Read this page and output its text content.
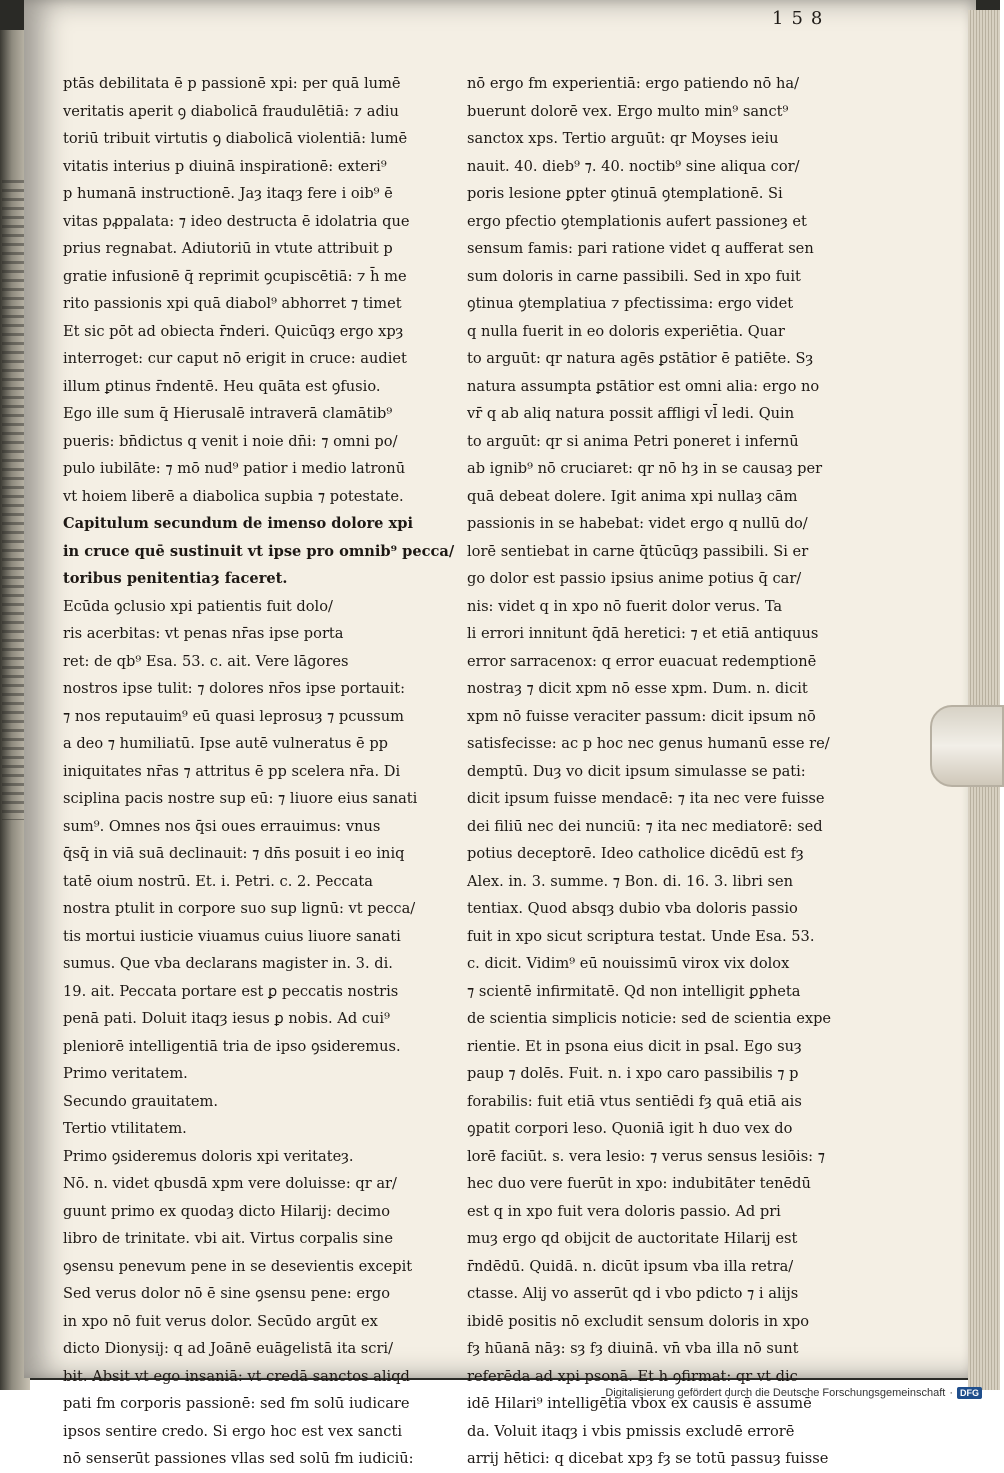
158
ptās debilitata ē p passionē xpi: per quā lumē
veritatis aperit ꝯ diabolicā fraudulētiā: ⁊ adiu
toriū tribuit virtutis ꝯ diabolicā violentiā: lumē
vitatis interius p diuinā inspirationē: exteri⁹
p humanā instructionē. Jaȝ itaqȝ fere i oib⁹ ē
vitas pꝓpalata: ⁊ ideo destructa ē idolatria que
prius regnabat. Adiutoriū in vtute attribuit p
gratie infusionē q̄ reprimit ꝯcupiscētiā: ⁊ h̄ me
rito passionis xpi quā diabol⁹ abhorret ⁊ timet
Et sic pōt ad obiecta r̄nderi. Quicūqȝ ergo xpȝ
interroget: cur caput nō erigit in cruce: audiet
illum ꝑtinus r̄ndentē. Heu quāta est ꝯfusio.
Ego ille sum q̄ Hierusalē intraverā clamātib⁹
pueris: bn̄dictus q venit i noie dn̄i: ⁊ omni po/
pulo iubilāte: ⁊ mō nud⁹ patior i medio latronū
vt hoiem liberē a diabolica supbia ⁊ potestate.
Capitulum secundum de imenso dolore xpi
in cruce quē sustinuit vt ipse pro omnib⁹ pecca/
toribus penitentiaȝ faceret.
Ecūda ꝯclusio xpi patientis fuit dolo/
ris acerbitas: vt penas nr̄as ipse porta
ret: de qb⁹ Esa. 53. c. ait. Vere lāgores
nostros ipse tulit: ⁊ dolores nr̄os ipse portauit:
⁊ nos reputauim⁹ eū quasi leprosuȝ ⁊ pcussum
a deo ⁊ humiliatū. Ipse autē vulneratus ē pp
iniquitates nr̄as ⁊ attritus ē pp scelera nr̄a. Di
sciplina pacis nostre sup eū: ⁊ liuore eius sanati
sum⁹. Omnes nos q̄si oues errauimus: vnus
q̄sq̄ in viā suā declinauit: ⁊ dn̄s posuit i eo iniq
tatē oium nostrū. Et. i. Petri. c. 2. Peccata
nostra ptulit in corpore suo sup lignū: vt pecca/
tis mortui iusticie viuamus cuius liuore sanati
sumus. Que vba declarans magister in. 3. di.
19. ait. Peccata portare est ꝑ peccatis nostris
penā pati. Doluit itaqȝ iesus ꝑ nobis. Ad cui⁹
pleniorē intelligentiā tria de ipso ꝯsideremus.
Primo veritatem.
Secundo grauitatem.
Tertio vtilitatem.
Primo ꝯsideremus doloris xpi veritateȝ.
Nō. n. videt qbusdā xpm vere doluisse: qr ar/
guunt primo ex quodaȝ dicto Hilarij: decimo
libro de trinitate. vbi ait. Virtus corpalis sine
ꝯsensu penevum pene in se desevientis excepit
Sed verus dolor nō ē sine ꝯsensu pene: ergo
in xpo nō fuit verus dolor. Secūdo argūt ex
dicto Dionysij: q ad Joānē euāgelistā ita scri/
bit. Absit vt ego insaniā: vt credā sanctos aliqd
pati fm corporis passionē: sed fm solū iudicare
ipsos sentire credo. Si ergo hoc est vex sancti
nō senserūt passiones vllas sed solū fm iudiciū:
nō ergo fm experientiā: ergo patiendo nō ha/
buerunt dolorē vex. Ergo multo min⁹ sanct⁹
sanctox xps. Tertio arguūt: qr Moyses ieiu
nauit. 40. dieb⁹ ⁊. 40. noctib⁹ sine aliqua cor/
poris lesione ꝑpter ꝯtinuā ꝯtemplationē. Si
ergo pfectio ꝯtemplationis aufert passioneȝ et
sensum famis: pari ratione videt q aufferat sen
sum doloris in carne passibili. Sed in xpo fuit
ꝯtinua ꝯtemplatiua ⁊ pfectissima: ergo videt
q nulla fuerit in eo doloris experiētia. Quar
to arguūt: qr natura agēs ꝑstātior ē patiēte. Sȝ
natura assumpta ꝑstātior est omni alia: ergo no
vr̄ q ab aliq natura possit affligi vl̄ ledi. Quin
to arguūt: qr si anima Petri poneret i infernū
ab ignib⁹ nō cruciaret: qr nō hȝ in se causaȝ per
quā debeat dolere. Igit anima xpi nullaȝ cām
passionis in se habebat: videt ergo q nullū do/
lorē sentiebat in carne q̄tūcūqȝ passibili. Si er
go dolor est passio ipsius anime potius q̄ car/
nis: videt q in xpo nō fuerit dolor verus. Ta
li errori innitunt q̄dā heretici: ⁊ et etiā antiquus
error sarracenox: q error euacuat redemptionē
nostraȝ ⁊ dicit xpm nō esse xpm. Dum. n. dicit
xpm nō fuisse veraciter passum: dicit ipsum nō
satisfecisse: ac p hoc nec genus humanū esse re/
demptū. Duȝ vo dicit ipsum simulasse se pati:
dicit ipsum fuisse mendacē: ⁊ ita nec vere fuisse
dei filiū nec dei nunciū: ⁊ ita nec mediatorē: sed
potius deceptorē. Ideo catholice dicēdū est fȝ
Alex. in. 3. summe. ⁊ Bon. di. 16. 3. libri sen
tentiax. Quod absqȝ dubio vba doloris passio
fuit in xpo sicut scriptura testat. Unde Esa. 53.
c. dicit. Vidim⁹ eū nouissimū virox vix dolox
⁊ scientē infirmitatē. Qd non intelligit ꝑpheta
de scientia simplicis noticie: sed de scientia expe
rientie. Et in psona eius dicit in psal. Ego suȝ
paup ⁊ dolēs. Fuit. n. i xpo caro passibilis ⁊ p
forabilis: fuit etiā vtus sentiēdi fȝ quā etiā ais
ꝯpatit corpori leso. Quoniā igit h duo vex do
lorē faciūt. s. vera lesio: ⁊ verus sensus lesiōis: ⁊
hec duo vere fuerūt in xpo: indubitāter tenēdū
est q in xpo fuit vera doloris passio. Ad pri
muȝ ergo qd obijcit de auctoritate Hilarij est
r̄ndēdū. Quidā. n. dicūt ipsum vba illa retra/
ctasse. Alij vo asserūt qd i vbo pdicto ⁊ i alijs
ibidē positis nō excludit sensum doloris in xpo
fȝ hūanā nāȝ: sȝ fȝ diuinā. vn̄ vba illa nō sunt
referēda ad xpi psonā. Et h ꝯfirmat: qr vt dic
idē Hilari⁹ intelligētia vbox ex causis ē assumē
da. Voluit itaqȝ i vbis pmissis excludē errorē
arrij hētici: q dicebat xpȝ fȝ se totū passuȝ fuisse
Digitalisierung gefördert durch die Deutsche Forschungsgemeinschaft · DFG
